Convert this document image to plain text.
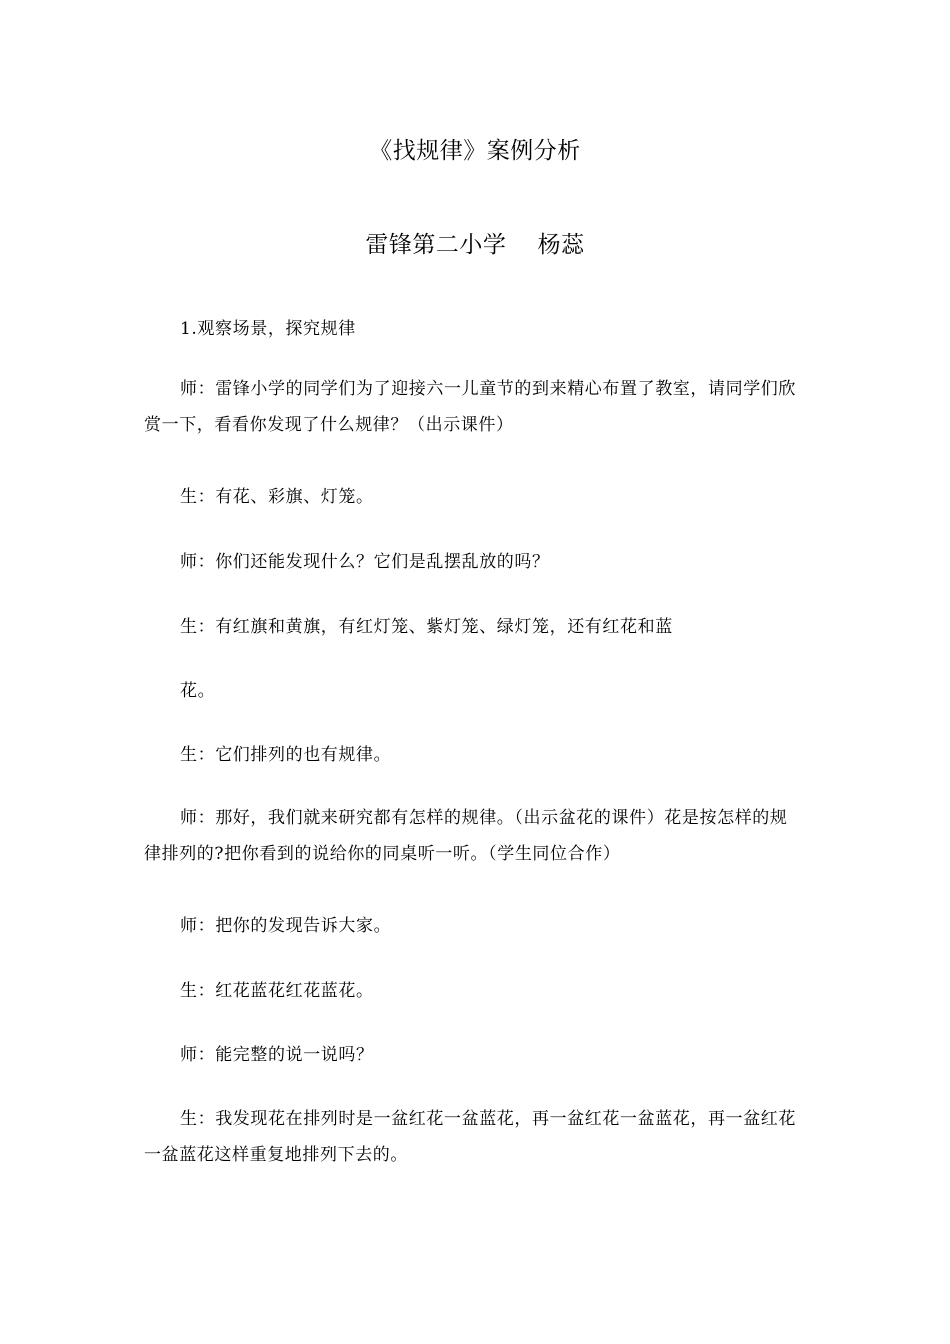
《找规律》案例分析
雷锋第二小学　 杨蕊

1.观察场景，探究规律

师：雷锋小学的同学们为了迎接六一儿童节的到来精心布置了教室，请同学们欣赏一下，看看你发现了什么规律？（出示课件）

生：有花、彩旗、灯笼。

师：你们还能发现什么？它们是乱摆乱放的吗？

生：有红旗和黄旗，有红灯笼、紫灯笼、绿灯笼，还有红花和蓝

花。

生：它们排列的也有规律。

师：那好，我们就来研究都有怎样的规律。（出示盆花的课件）花是按怎样的规律排列的?把你看到的说给你的同桌听一听。（学生同位合作）

师：把你的发现告诉大家。

生：红花蓝花红花蓝花。

师：能完整的说一说吗？

生：我发现花在排列时是一盆红花一盆蓝花，再一盆红花一盆蓝花，再一盆红花一盆蓝花这样重复地排列下去的。
